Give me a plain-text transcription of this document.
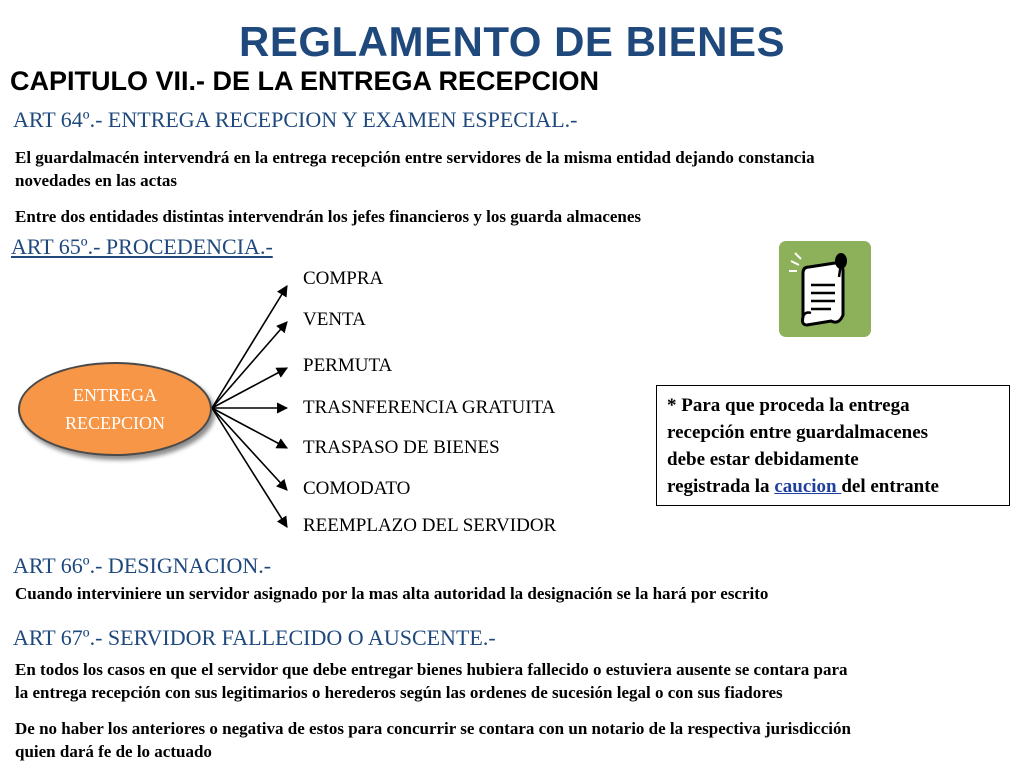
REGLAMENTO DE BIENES
CAPITULO VII.- DE LA ENTREGA RECEPCION
ART 64º.- ENTREGA RECEPCION Y EXAMEN ESPECIAL.-
El guardalmacén intervendrá en la entrega recepción entre servidores de la misma entidad dejando constancia
novedades en las actas
Entre dos entidades distintas intervendrán los jefes financieros y los guarda almacenes
ART 65º.- PROCEDENCIA.-
ENTREGA
RECEPCION
COMPRA
VENTA
PERMUTA
TRASNFERENCIA GRATUITA
TRASPASO DE BIENES
COMODATO
REEMPLAZO DEL SERVIDOR
* Para que proceda la entrega
recepción entre guardalmacenes
debe estar debidamente
registrada la caucion del entrante
ART 66º.- DESIGNACION.-
Cuando interviniere un servidor asignado por la mas alta autoridad la designación se la hará por escrito
ART 67º.- SERVIDOR FALLECIDO O AUSCENTE.-
En todos los casos en que el servidor que debe entregar bienes hubiera fallecido o estuviera ausente se contara para
la entrega recepción con sus legitimarios o herederos según las ordenes de sucesión legal o con sus fiadores
De no haber los anteriores o negativa de estos para concurrir se contara con un notario de la respectiva jurisdicción
quien dará fe de lo actuado
